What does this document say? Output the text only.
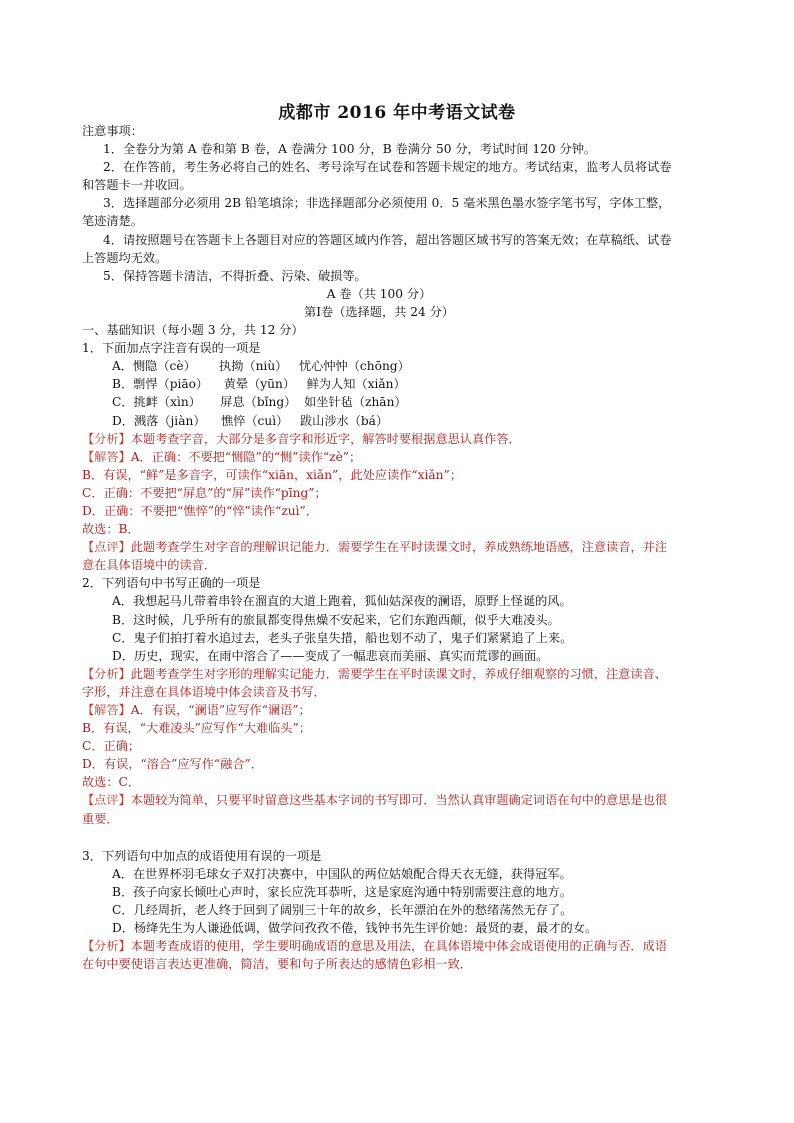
成都市 2016 年中考语文试卷

注意事项：

1．全卷分为第 A 卷和第 B 卷，A 卷满分 100 分，B 卷满分 50 分，考试时间 120 分钟。

2．在作答前，考生务必将自己的姓名、考号涂写在试卷和答题卡规定的地方。考试结束，监考人员将试卷和答题卡一并收回。

3．选择题部分必须用 2B 铅笔填涂；非选择题部分必须使用 0．5 毫米黑色墨水签字笔书写，字体工整，笔迹清楚。

4．请按照题号在答题卡上各题目对应的答题区域内作答，超出答题区域书写的答案无效；在草稿纸、试卷上答题均无效。

5．保持答题卡清洁，不得折叠、污染、破损等。

A 卷（共 100 分）

第Ⅰ卷（选择题，共 24 分）

一、基础知识（每小题 3 分，共 12 分）

1．下面加点字注音有误的一项是

A．恻隐（cè）      执拗（niù）   忧心忡忡（chōng）

B．剽悍（piāo）    黄晕（yūn）   鲜为人知（xiǎn）

C．挑衅（xìn）     屏息（bǐng）  如坐针毡（zhān）

D．溅落（jiàn）    憔悴（cuì）   跋山涉水（bá）

【分析】本题考查字音，大部分是多音字和形近字，解答时要根据意思认真作答．

【解答】A．正确：不要把“恻隐”的“恻”读作“zè”；

B．有误，“鲜”是多音字，可读作“xiān，xiǎn”，此处应读作“xiǎn”；

C．正确：不要把“屏息”的“屏”读作“pīng”；

D．正确：不要把“憔悴”的“悴”读作“zuì”．

故选：B．

【点评】此题考查学生对字音的理解识记能力．需要学生在平时读课文时，养成熟练地语感，注意读音，并注意在具体语境中的读音．

2．下列语句中书写正确的一项是

A．我想起马儿带着串铃在溜直的大道上跑着，狐仙姑深夜的澜语，原野上怪诞的风。

B．这时候，几乎所有的旅鼠都变得焦燥不安起来，它们东跑西颠，似乎大难凌头。

C．鬼子们拍打着水追过去，老头子张皇失措，船也划不动了，鬼子们紧紧追了上来。

D．历史，现实，在雨中溶合了——变成了一幅悲哀而美丽、真实而荒谬的画面。

【分析】此题考查学生对字形的理解实记能力．需要学生在平时读课文时，养成仔细观察的习惯，注意读音、字形，并注意在具体语境中体会读音及书写．

【解答】A．有误，“澜语”应写作“谰语”；

B．有误，“大难凌头”应写作“大难临头”；

C．正确；

D．有误，“溶合”应写作“融合”．

故选：C．

【点评】本题较为简单，只要平时留意这些基本字词的书写即可．当然认真审题确定词语在句中的意思是也很重要．

3．下列语句中加点的成语使用有误的一项是

A．在世界杯羽毛球女子双打决赛中，中国队的两位姑娘配合得天衣无缝，获得冠军。

B．孩子向家长倾吐心声时，家长应洗耳恭听，这是家庭沟通中特别需要注意的地方。

C．几经周折，老人终于回到了阔别三十年的故乡，长年漂泊在外的愁绪荡然无存了。

D．杨绛先生为人谦逊低调，做学问孜孜不倦，钱钟书先生评价她：最贤的妻，最才的女。

【分析】本题考查成语的使用，学生要明确成语的意思及用法，在具体语境中体会成语使用的正确与否．成语在句中要使语言表达更准确，简洁，要和句子所表达的感情色彩相一致．
